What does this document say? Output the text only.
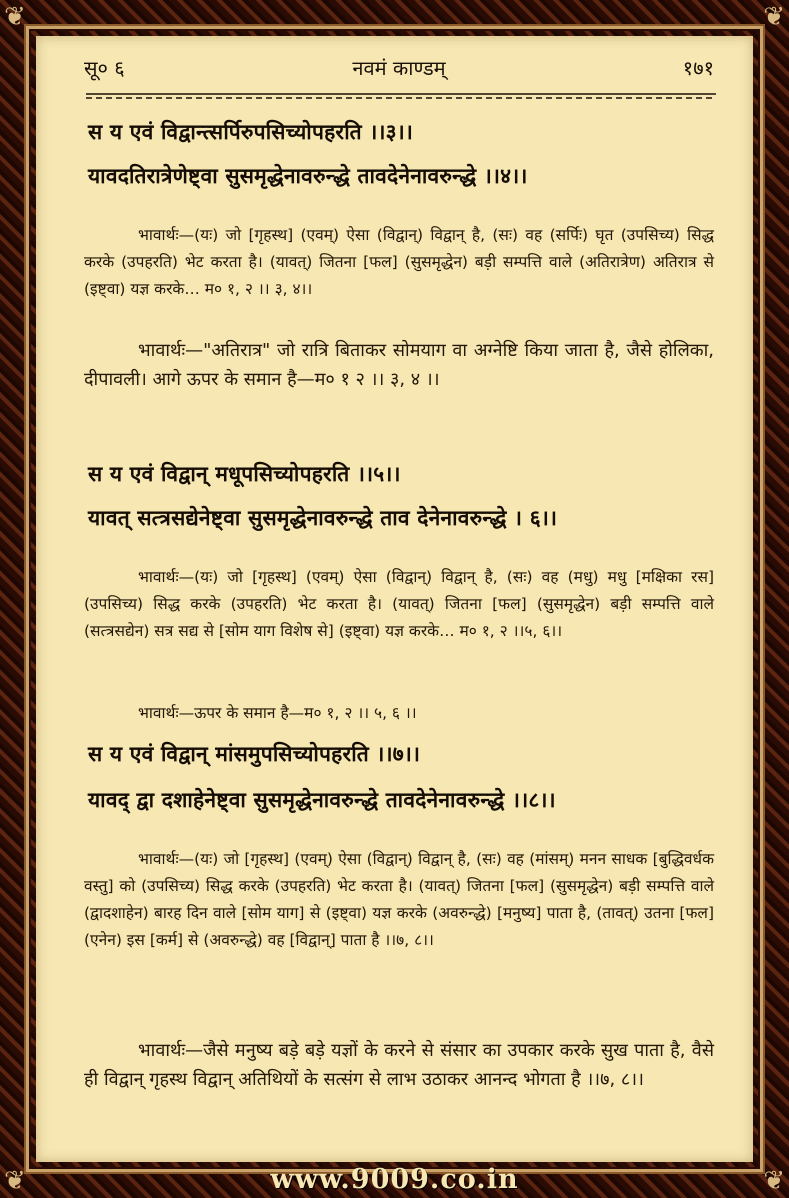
❦	❦
❦	❦
सू० ६	नवमं काण्डम्	१७१
स य एवं विद्वान्त्सर्पिरुपसिच्योपहरति ।।३।।
यावदतिरात्रेणेष्ट्वा सुसमृद्धेनावरुन्द्धे तावदेनेनावरुन्द्धे ।।४।।

भावार्थः—(यः) जो [गृहस्थ] (एवम्) ऐसा (विद्वान्) विद्वान् है, (सः) वह (सर्पिः) घृत (उपसिच्य) सिद्ध करके (उपहरति) भेट करता है। (यावत्) जितना [फल] (सुसमृद्धेन) बड़ी सम्पत्ति वाले (अतिरात्रेण) अतिरात्र से (इष्ट्वा) यज्ञ करके… म० १, २ ।। ३, ४।।

भावार्थः—"अतिरात्र" जो रात्रि बिताकर सोमयाग वा अग्नेष्टि किया जाता है, जैसे होलिका, दीपावली। आगे ऊपर के समान है—म० १ २ ।। ३, ४ ।।

स य एवं विद्वान् मधूपसिच्योपहरति ।।५।।
यावत् सत्त्रसद्येनेष्ट्वा सुसमृद्धेनावरुन्द्धे ताव देनेनावरुन्द्धे । ६।।

भावार्थः—(यः) जो [गृहस्थ] (एवम्) ऐसा (विद्वान्) विद्वान् है, (सः) वह (मधु) मधु [मक्षिका रस] (उपसिच्य) सिद्ध करके (उपहरति) भेट करता है। (यावत्) जितना [फल] (सुसमृद्धेन) बड़ी सम्पत्ति वाले (सत्त्रसद्येन) सत्र सद्य से [सोम याग विशेष से] (इष्ट्वा) यज्ञ करके… म० १, २ ।।५, ६।।

भावार्थः—ऊपर के समान है—म० १, २ ।। ५, ६ ।।

स य एवं विद्वान् मांसमुपसिच्योपहरति ।।७।।
यावद् द्वा दशाहेनेष्ट्वा सुसमृद्धेनावरुन्द्धे तावदेनेनावरुन्द्धे ।।८।।

भावार्थः—(यः) जो [गृहस्थ] (एवम्) ऐसा (विद्वान्) विद्वान् है, (सः) वह (मांसम्) मनन साधक [बुद्धिवर्धक वस्तु] को (उपसिच्य) सिद्ध करके (उपहरति) भेट करता है। (यावत्) जितना [फल] (सुसमृद्धेन) बड़ी सम्पत्ति वाले (द्वादशाहेन) बारह दिन वाले [सोम याग] से (इष्ट्वा) यज्ञ करके (अवरुन्द्धे) [मनुष्य] पाता है, (तावत्) उतना [फल] (एनेन) इस [कर्म] से (अवरुन्द्धे) वह [विद्वान्] पाता है ।।७, ८।।

भावार्थः—जैसे मनुष्य बड़े बड़े यज्ञों के करने से संसार का उपकार करके सुख पाता है, वैसे ही विद्वान् गृहस्थ विद्वान् अतिथियों के सत्संग से लाभ उठाकर आनन्द भोगता है ।।७, ८।।

www.9009.co.in
